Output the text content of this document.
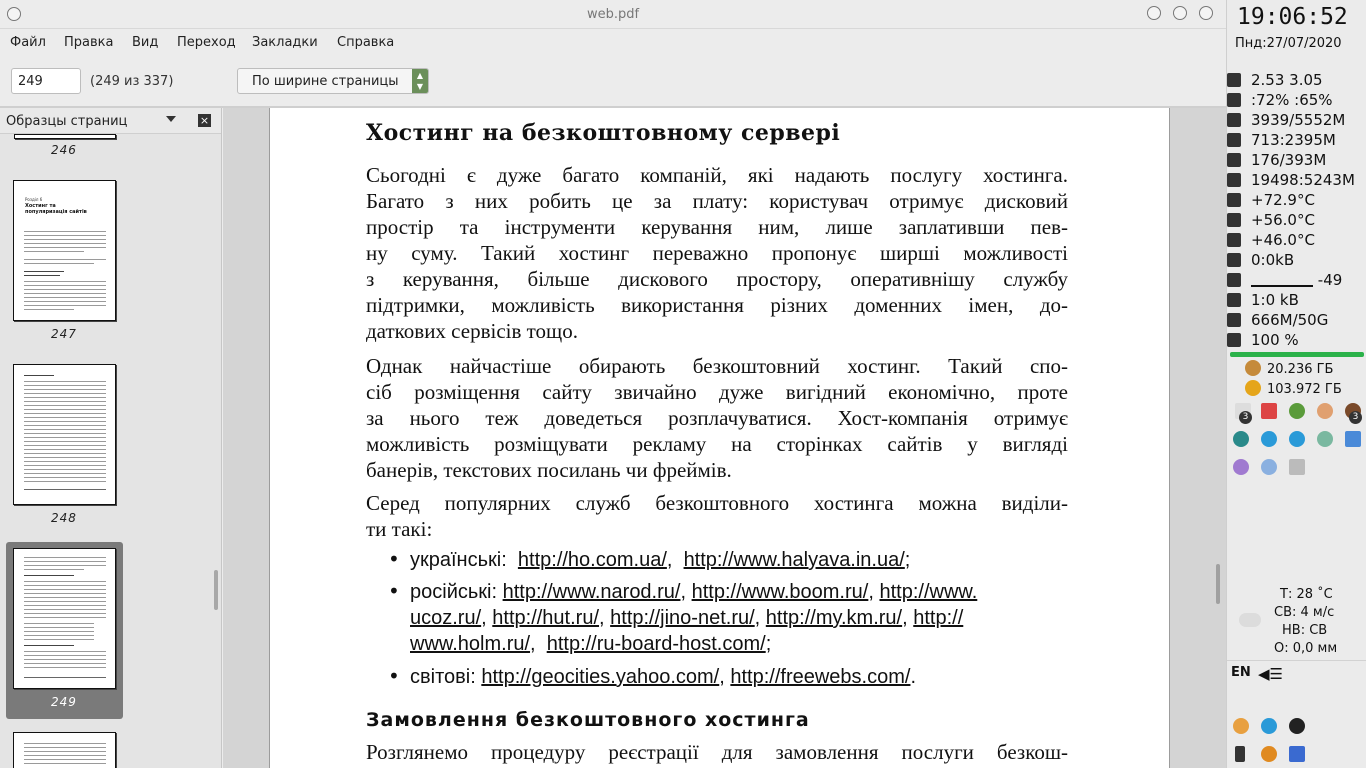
web.pdf
Файл Правка Вид Переход Закладки Справка
249
(249 из 337)	По ширине страницы	▲
▼
Образцы страниц	×
246
Розділ 6
Хостинг та популяризація сайтів
247
248
249
Хостинг на безкоштовному сервері
Сьогодні є дуже багато компаній, які надають послугу хостинга.
Багато з них робить це за плату: користувач отримує дисковий
простір та інструменти керування ним, лише заплативши пев-
ну суму. Такий хостинг переважно пропонує ширші можливості
з керування, більше дискового простору, оперативнішу службу
підтримки, можливість використання різних доменних імен, до-
даткових сервісів тощо.
Однак найчастіше обирають безкоштовний хостинг. Такий спо-
сіб розміщення сайту звичайно дуже вигідний економічно, проте
за нього теж доведеться розплачуватися. Хост-компанія отримує
можливість розміщувати рекламу на сторінках сайтів у вигляді
банерів, текстових посилань чи фреймів.
Серед популярних служб безкоштовного хостинга можна виділи-
ти такі:
• українські: http://ho.com.ua/,  http://www.halyava.in.ua/;
• російські: http://www.narod.ru/, http://www.boom.ru/, http://www.
ucoz.ru/, http://hut.ru/, http://jino-net.ru/, http://my.km.ru/, http://
www.holm.ru/,  http://ru-board-host.com/;
• світові: http://geocities.yahoo.com/, http://freewebs.com/.
Замовлення безкоштовного хостинга
Розглянемо процедуру реєстрації для замовлення послуги безкош-
19:06:52
Пнд:27/07/2020
2.53 3.05
:72% :65%
3939/5552M
713:2395M
176/393M
19498:5243M
+72.9°C
+56.0°C
+46.0°C
0:0kB
-49
1:0 kB
666M/50G
100 %
20.236 ГБ
103.972 ГБ
3	3
Т: 28 ˚С
СВ: 4 м/с
НВ: СВ
О: 0,0 мм
EN ◀☰
